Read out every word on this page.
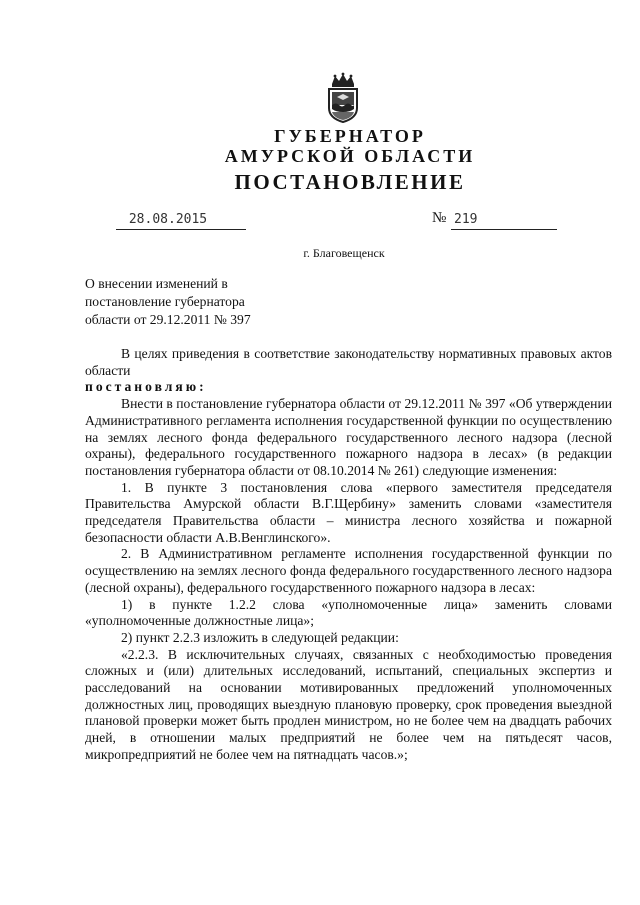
ГУБЕРНАТОР
АМУРСКОЙ ОБЛАСТИ
ПОСТАНОВЛЕНИЕ
28.08.2015	№ 219
г. Благовещенск
О внесении изменений в
постановление губернатора
области от 29.12.2011 № 397

В целях приведения в соответствие законодательству нормативных правовых актов области

постановляю:

Внести в постановление губернатора области от 29.12.2011 № 397 «Об утверждении Административного регламента исполнения государственной функции по осуществлению на землях лесного фонда федерального государственного лесного надзора (лесной охраны), федерального государственного пожарного надзора в лесах» (в редакции постановления губернатора области от 08.10.2014 № 261) следующие изменения:

1. В пункте 3 постановления слова «первого заместителя председателя Правительства Амурской области В.Г.Щербину» заменить словами «заместителя председателя Правительства области – министра лесного хозяйства и пожарной безопасности области А.В.Венглинского».

2. В Административном регламенте исполнения государственной функции по осуществлению на землях лесного фонда федерального государственного лесного надзора (лесной охраны), федерального государственного пожарного надзора в лесах:

1) в пункте 1.2.2 слова «уполномоченные лица» заменить словами «уполномоченные должностные лица»;

2) пункт 2.2.3 изложить в следующей редакции:

«2.2.3. В исключительных случаях, связанных с необходимостью проведения сложных и (или) длительных исследований, испытаний, специальных экспертиз и расследований на основании мотивированных предложений уполномоченных должностных лиц, проводящих выездную плановую проверку, срок проведения выездной плановой проверки может быть продлен министром, но не более чем на двадцать рабочих дней, в отношении малых предприятий не более чем на пятьдесят часов, микропредприятий не более чем на пятнадцать часов.»;
